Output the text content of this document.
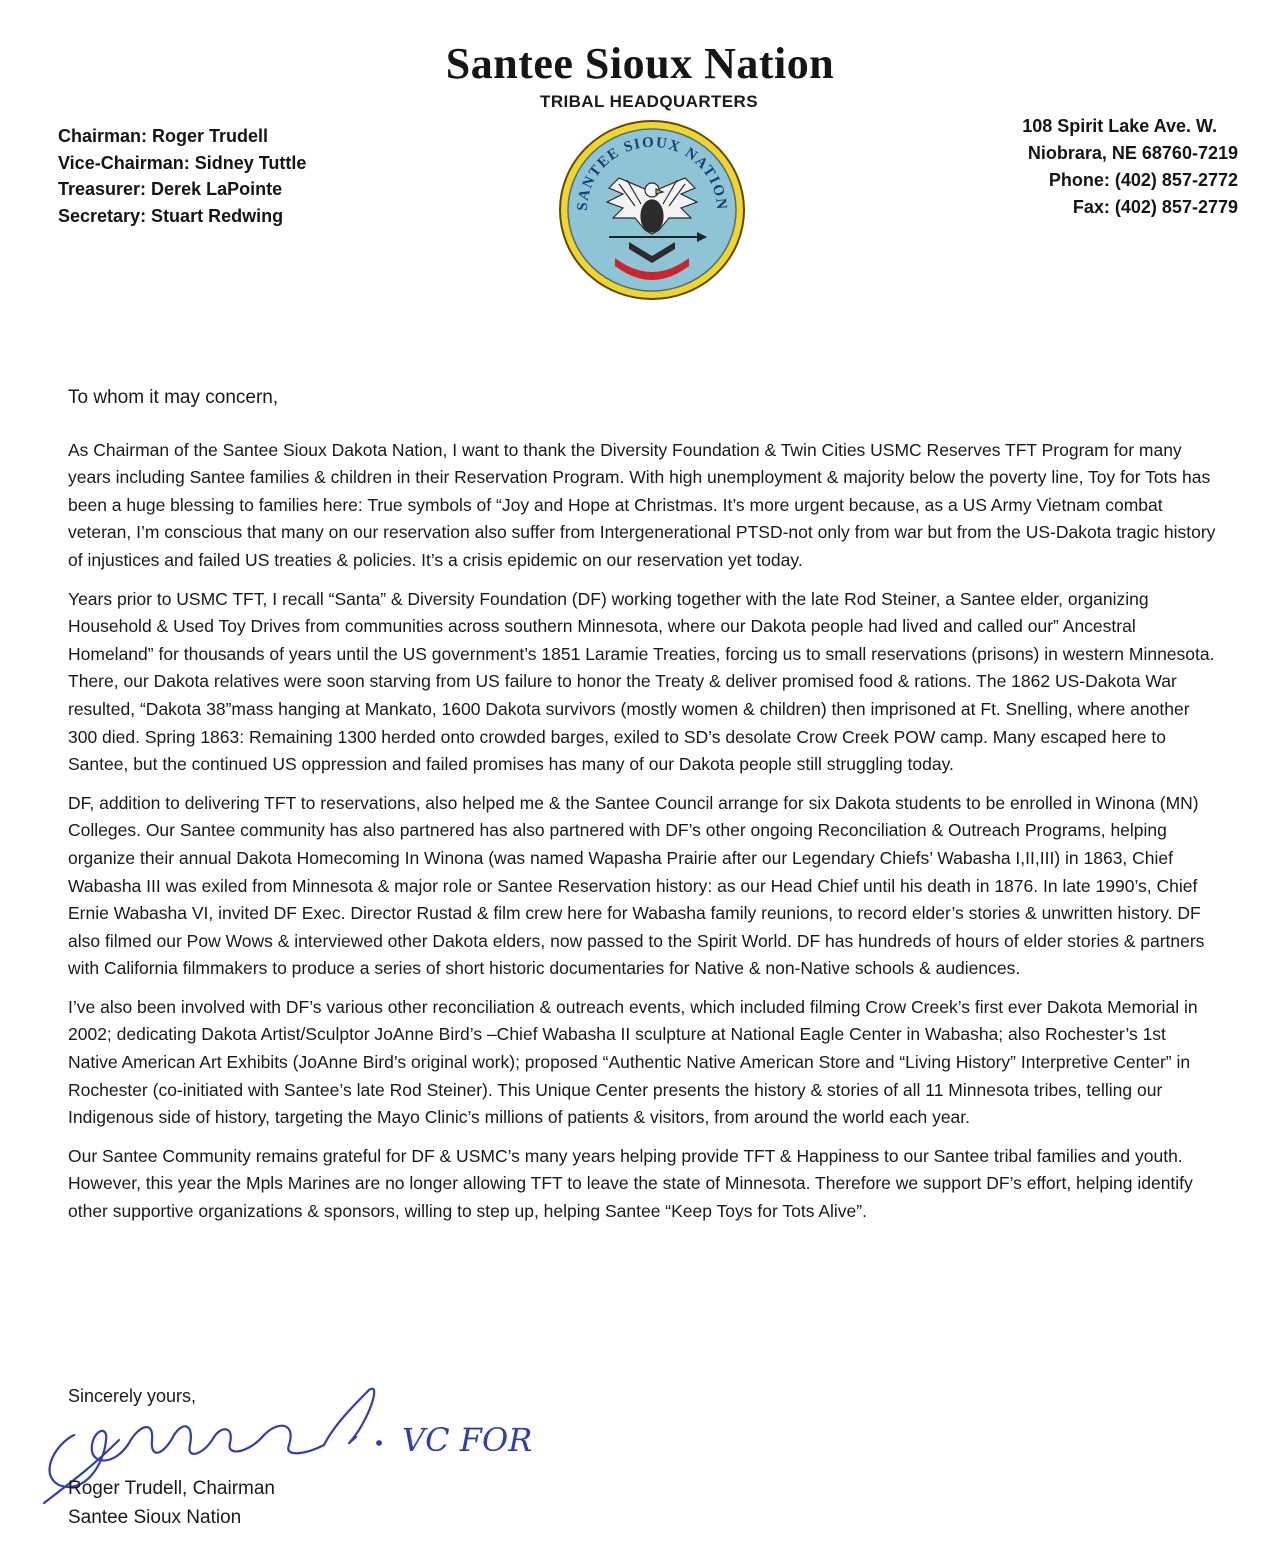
Santee Sioux Nation
TRIBAL HEADQUARTERS
Chairman: Roger Trudell
Vice-Chairman: Sidney Tuttle
Treasurer: Derek LaPointe
Secretary: Stuart Redwing
108 Spirit Lake Ave. W.
Niobrara, NE 68760-7219
Phone: (402) 857-2772
Fax: (402) 857-2779
SANTEE SIOUX NATION

To whom it may concern,

As Chairman of the Santee Sioux Dakota Nation, I want to thank the Diversity Foundation & Twin Cities USMC Reserves TFT Program for many years including Santee families & children in their Reservation Program. With high unemployment & majority below the poverty line, Toy for Tots has been a huge blessing to families here: True symbols of “Joy and Hope at Christmas. It’s more urgent because, as a US Army Vietnam combat veteran, I’m conscious that many on our reservation also suffer from Intergenerational PTSD-not only from war but from the US-Dakota tragic history of injustices and failed US treaties & policies. It’s a crisis epidemic on our reservation yet today.

Years prior to USMC TFT, I recall “Santa” & Diversity Foundation (DF) working together with the late Rod Steiner, a Santee elder, organizing Household & Used Toy Drives from communities across southern Minnesota, where our Dakota people had lived and called our” Ancestral Homeland” for thousands of years until the US government’s 1851 Laramie Treaties, forcing us to small reservations (prisons) in western Minnesota. There, our Dakota relatives were soon starving from US failure to honor the Treaty & deliver promised food & rations. The 1862 US-Dakota War resulted, “Dakota 38”mass hanging at Mankato, 1600 Dakota survivors (mostly women & children) then imprisoned at Ft. Snelling, where another 300 died. Spring 1863: Remaining 1300 herded onto crowded barges, exiled to SD’s desolate Crow Creek POW camp. Many escaped here to Santee, but the continued US oppression and failed promises has many of our Dakota people still struggling today.

DF, addition to delivering TFT to reservations, also helped me & the Santee Council arrange for six Dakota students to be enrolled in Winona (MN) Colleges. Our Santee community has also partnered has also partnered with DF’s other ongoing Reconciliation & Outreach Programs, helping organize their annual Dakota Homecoming In Winona (was named Wapasha Prairie after our Legendary Chiefs’ Wabasha I,II,III) in 1863, Chief Wabasha III was exiled from Minnesota & major role or Santee Reservation history: as our Head Chief until his death in 1876. In late 1990’s, Chief Ernie Wabasha VI, invited DF Exec. Director Rustad & film crew here for Wabasha family reunions, to record elder’s stories & unwritten history. DF also filmed our Pow Wows & interviewed other Dakota elders, now passed to the Spirit World. DF has hundreds of hours of elder stories & partners with California filmmakers to produce a series of short historic documentaries for Native & non-Native schools & audiences.

I’ve also been involved with DF’s various other reconciliation & outreach events, which included filming Crow Creek’s first ever Dakota Memorial in 2002; dedicating Dakota Artist/Sculptor JoAnne Bird’s –Chief Wabasha II sculpture at National Eagle Center in Wabasha; also Rochester’s 1st Native American Art Exhibits (JoAnne Bird’s original work); proposed “Authentic Native American Store and “Living History” Interpretive Center” in Rochester (co-initiated with Santee’s late Rod Steiner). This Unique Center presents the history & stories of all 11 Minnesota tribes, telling our Indigenous side of history, targeting the Mayo Clinic’s millions of patients & visitors, from around the world each year.

Our Santee Community remains grateful for DF & USMC’s many years helping provide TFT & Happiness to our Santee tribal families and youth. However, this year the Mpls Marines are no longer allowing TFT to leave the state of Minnesota. Therefore we support DF’s effort, helping identify other supportive organizations & sponsors, willing to step up, helping Santee “Keep Toys for Tots Alive”.

Sincerely yours,
VC FOR
Roger Trudell, Chairman
Santee Sioux Nation
